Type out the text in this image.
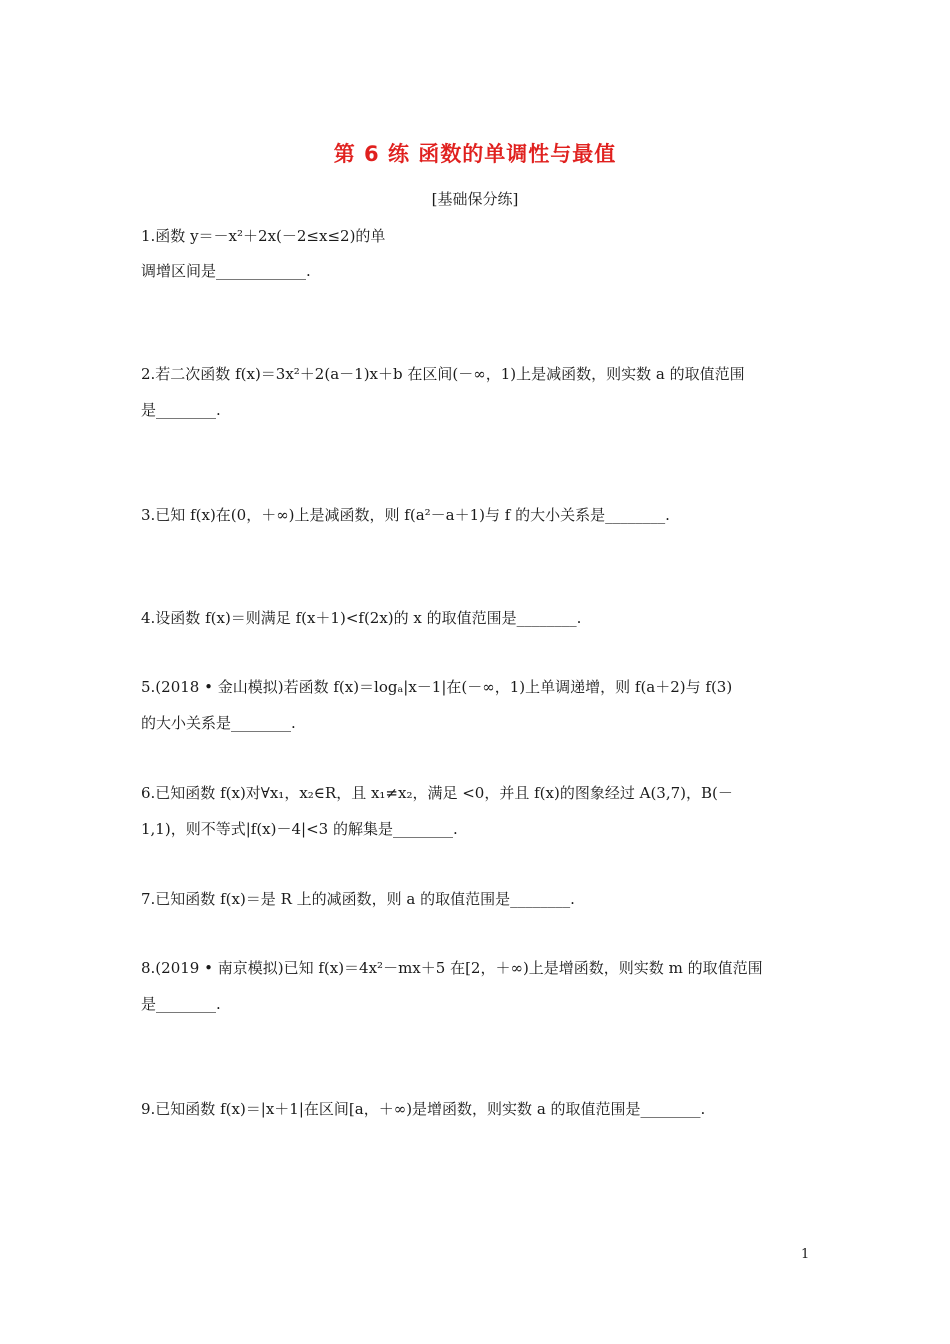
第 6 练 函数的单调性与最值
[基础保分练]
1.函数 y＝－x²＋2x(－2≤x≤2)的单
调增区间是____________.
2.若二次函数 f(x)＝3x²＋2(a－1)x＋b 在区间(－∞，1)上是减函数，则实数 a 的取值范围
是________.
3.已知 f(x)在(0，＋∞)上是减函数，则 f(a²－a＋1)与 f 的大小关系是________.
4.设函数 f(x)＝则满足 f(x＋1)<f(2x)的 x 的取值范围是________.
5.(2018 • 金山模拟)若函数 f(x)＝logₐ|x－1|在(－∞，1)上单调递增，则 f(a＋2)与 f(3)
的大小关系是________.
6.已知函数 f(x)对∀x₁，x₂∈R，且 x₁≠x₂，满足 <0，并且 f(x)的图象经过 A(3,7)，B(－
1,1)，则不等式|f(x)－4|<3 的解集是________.
7.已知函数 f(x)＝是 R 上的减函数，则 a 的取值范围是________.
8.(2019 • 南京模拟)已知 f(x)＝4x²－mx＋5 在[2，＋∞)上是增函数，则实数 m 的取值范围
是________.
9.已知函数 f(x)＝|x＋1|在区间[a，＋∞)是增函数，则实数 a 的取值范围是________.
1
